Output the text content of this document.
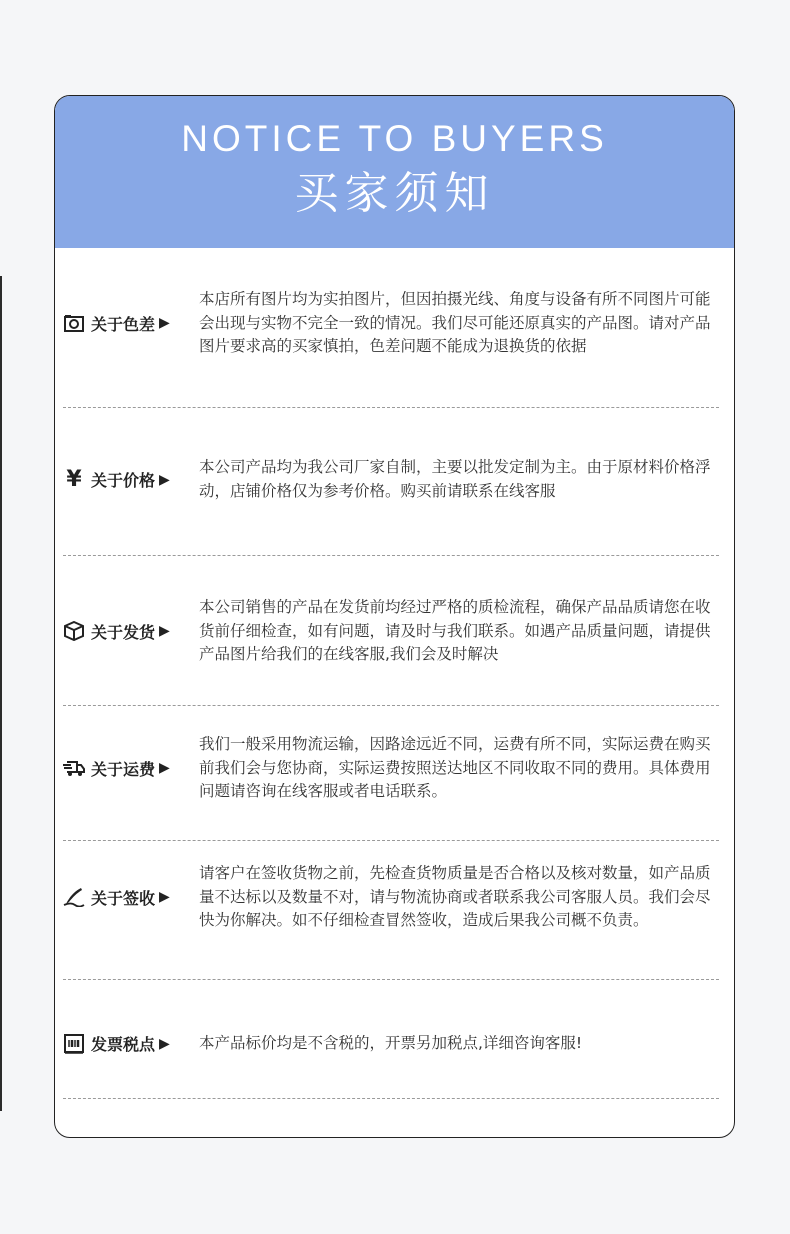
NOTICE TO BUYERS
买家须知
关于色差 ▶
本店所有图片均为实拍图片，但因拍摄光线、角度与设备有所不同图片可能会出现与实物不完全一致的情况。我们尽可能还原真实的产品图。请对产品图片要求高的买家慎拍，色差问题不能成为退换货的依据
¥ 关于价格 ▶
本公司产品均为我公司厂家自制，主要以批发定制为主。由于原材料价格浮动，店铺价格仅为参考价格。购买前请联系在线客服
关于发货 ▶
本公司销售的产品在发货前均经过严格的质检流程，确保产品品质请您在收货前仔细检查，如有问题，请及时与我们联系。如遇产品质量问题，请提供产品图片给我们的在线客服,我们会及时解决
关于运费 ▶
我们一般采用物流运输，因路途远近不同，运费有所不同，实际运费在购买前我们会与您协商，实际运费按照送达地区不同收取不同的费用。具体费用问题请咨询在线客服或者电话联系。
关于签收 ▶
请客户在签收货物之前，先检查货物质量是否合格以及核对数量，如产品质量不达标以及数量不对，请与物流协商或者联系我公司客服人员。我们会尽快为你解决。如不仔细检查冒然签收，造成后果我公司概不负责。
发票税点 ▶ 本产品标价均是不含税的，开票另加税点,详细咨询客服!
